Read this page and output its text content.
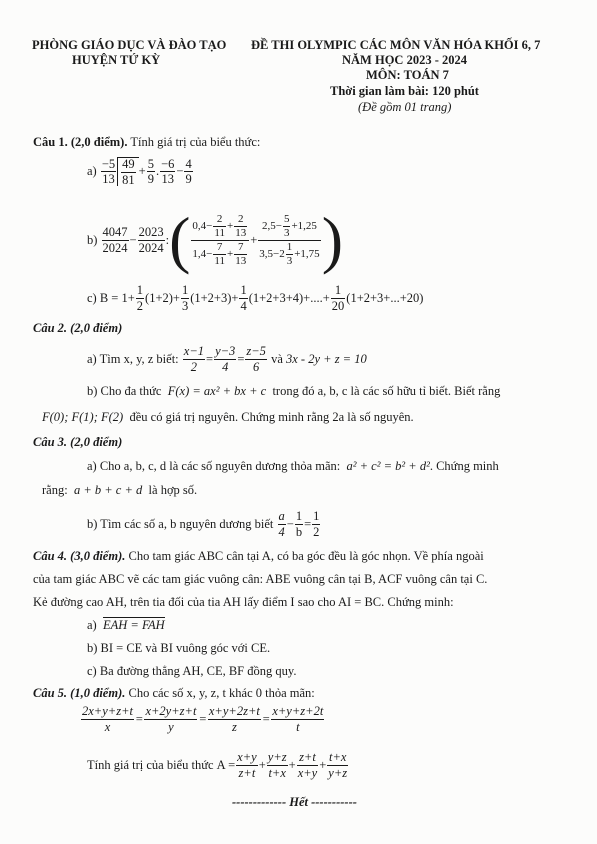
PHÒNG GIÁO DỤC VÀ ĐÀO TẠO
HUYỆN TỨ KỲ
ĐỀ THI OLYMPIC CÁC MÔN VĂN HÓA KHỐI 6, 7
NĂM HỌC 2023 - 2024
MÔN: TOÁN 7
Thời gian làm bài: 120 phút
(Đề gồm 01 trang)
Câu 1. (2,0 điểm). Tính giá trị của biểu thức:
a)

−5
$13 \frac{49}{81}$ +
5
9
.
−6
13
−
4
9
b)

4047
2024
−
2023
2024
: ( $0,4- \frac{2}{11} + \frac{2}{13}$
$1,4- \frac{7}{11} + \frac{7}{13}$
+
$2,5- \frac{5}{3} +1,25$
$3,5-2 \frac{1}{3} +1,75$ )
c) B = 1+
1
2
(1+2)+
1
3
(1+2+3)+
1
4
(1+2+3+4)+....+
1
20
(1+2+3+...+20)
Câu 2. (2,0 điểm)
a) Tìm x, y, z biết:

x−1
2
=
y−3
4
=
z−5
6

và
3x - 2y + z = 10
b) Cho đa thức F(x) = ax² + bx + c trong đó a, b, c là các số hữu tỉ biết. Biết rằng
F(0); F(1); F(2) đều có giá trị nguyên. Chứng minh rằng 2a là số nguyên.
Câu 3. (2,0 điểm)
a) Cho a, b, c, d là các số nguyên dương thỏa mãn: a² + c² = b² + d². Chứng minh
rằng: a + b + c + d là hợp số.
b) Tìm các số a, b nguyên dương biết

a
4
−
1
b
=
1
2
Câu 4. (3,0 điểm). Cho tam giác ABC cân tại A, có ba góc đều là góc nhọn. Về phía ngoài
của tam giác ABC vẽ các tam giác vuông cân: ABE vuông cân tại B, ACF vuông cân tại C.
Kẻ đường cao AH, trên tia đối của tia AH lấy điểm I sao cho AI = BC. Chứng minh:
a) EAH = FAH
b) BI = CE và BI vuông góc với CE.
c) Ba đường thẳng AH, CE, BF đồng quy.
Câu 5. (1,0 điểm). Cho các số x, y, z, t khác 0 thỏa mãn:
2x+y+z+t
x
=
x+2y+z+t
y
=
x+y+2z+t
z
=
x+y+z+2t
t
Tính giá trị của biểu thức
$A = \frac{x+y}{z+t}$ +
y+z
t+x
+
z+t
x+y
+
t+x
y+z
------------- Hết -----------
